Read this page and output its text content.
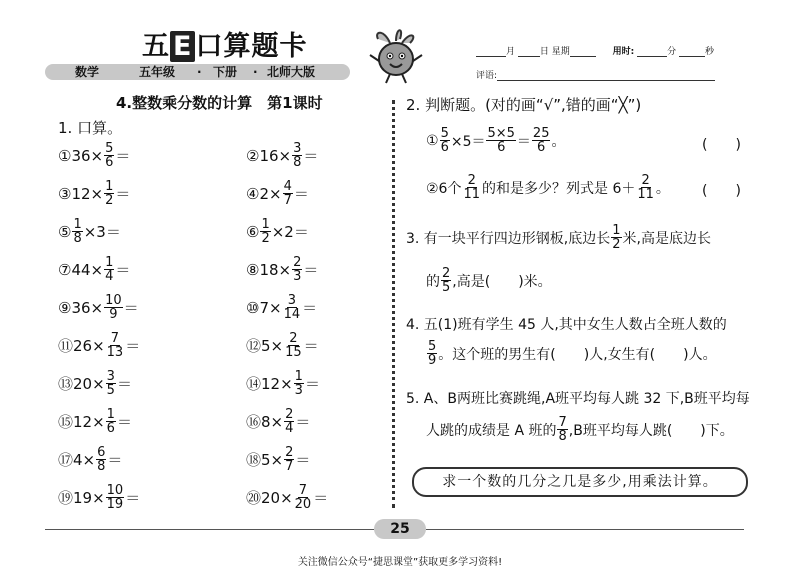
五 E 口算题卡
数学	五年级 · 下册 · 北师大版
月	日 星期	用时:	分	秒
评语:
4.整数乘分数的计算　第1课时
1. 口算。
①36× $\frac{5}{6}$ ＝	②16× $\frac{3}{8}$ ＝
③12× $\frac{1}{2}$ ＝	④2× $\frac{4}{7}$ ＝
⑤ $\frac{1}{8} \times 3=$	⑥ $\frac{1}{2} \times 2=$
⑦44× $\frac{1}{4}$ ＝	⑧18× $\frac{2}{3}$ ＝
⑨36× $\frac{10}{9}$ ＝	⑩7× $\frac{3}{14}$ ＝
⑪26× $\frac{7}{13}$ ＝	⑫5× $\frac{2}{15}$ ＝
⑬20× $\frac{3}{5}$ ＝	⑭12× $\frac{1}{3}$ ＝
⑮12× $\frac{1}{6}$ ＝	⑯8× $\frac{2}{4}$ ＝
⑰4× $\frac{6}{8}$ ＝	⑱5× $\frac{2}{7}$ ＝
⑲19× $\frac{10}{19}$ ＝	⑳20× $\frac{7}{20}$ ＝
2. 判断题。(对的画“√”,错的画“╳”)
① $\frac{5}{6} \times 5= \frac{5\times 5}{6} = \frac{25}{6}$ 。	(　　)
②6个 $\frac{2}{11}$ 的和是多少？列式是 $6+ \frac{2}{11}$ 。 (　　)
3. 有一块平行四边形钢板,底边长 $\frac{1}{2}$ 米,高是底边长
的 $\frac{2}{5}$ ,高是(　　)米。
4. 五(1)班有学生 45 人,其中女生人数占全班人数的
$\frac{5}{9}$ 。这个班的男生有(　　)人,女生有(　　)人。
5. A、B两班比赛跳绳,A班平均每人跳 32 下,B班平均每
人跳的成绩是 A 班的 $\frac{7}{8} ,B$班平均每人跳(　　)下。
求一个数的几分之几是多少,用乘法计算。
25
关注微信公众号“捷思课堂”获取更多学习资料!
